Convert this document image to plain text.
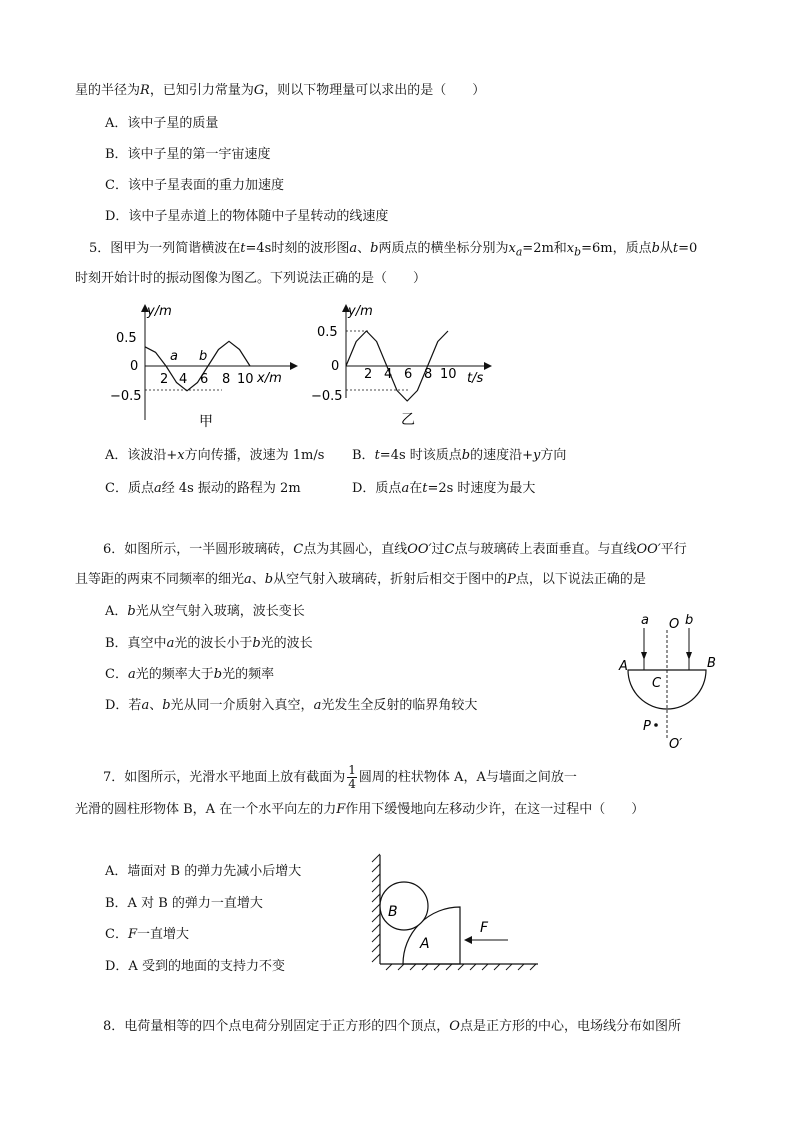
星的半径为R，已知引力常量为G，则以下物理量可以求出的是（　　）
A．该中子星的质量
B．该中子星的第一宇宙速度
C．该中子星表面的重力加速度
D．该中子星赤道上的物体随中子星转动的线速度
5．图甲为一列简谐横波在t=4s时刻的波形图a、b两质点的横坐标分别为$x_a=2m$和$x_b=6m$，质点b从t=0
时刻开始计时的振动图像为图乙。下列说法正确的是（　　）
y/m
0.5
0
−0.5
2 4 6 8 10
a b
x/m
甲
y/m
0.5
0
−0.5
2 4 6 8 10 t/s
乙
A．该波沿+x方向传播，波速为 1m/s B．t=4s 时该质点b的速度沿+y方向
C．质点a经 4s 振动的路程为 2m	D．质点a在t=2s 时速度为最大
6．如图所示，一半圆形玻璃砖，C点为其圆心，直线OO′过C点与玻璃砖上表面垂直。与直线OO′平行
且等距的两束不同频率的细光a、b从空气射入玻璃砖，折射后相交于图中的P点，以下说法正确的是
A．b光从空气射入玻璃，波长变长
B．真空中a光的波长小于b光的波长
C．a光的频率大于b光的频率
D．若a、b光从同一介质射入真空，a光发生全反射的临界角较大
a O b
A	B
C
P
O′
7．如图所示，光滑水平地面上放有截面为 $\frac{1}{4}$ 圆周的柱状物体 A，A与墙面之间放一
光滑的圆柱形物体 B，A 在一个水平向左的力F作用下缓慢地向左移动少许，在这一过程中（　　）
A．墙面对 B 的弹力先减小后增大
B．A 对 B 的弹力一直增大
C．F一直增大
D．A 受到的地面的支持力不变
B
A
F
8．电荷量相等的四个点电荷分别固定于正方形的四个顶点，O点是正方形的中心，电场线分布如图所
